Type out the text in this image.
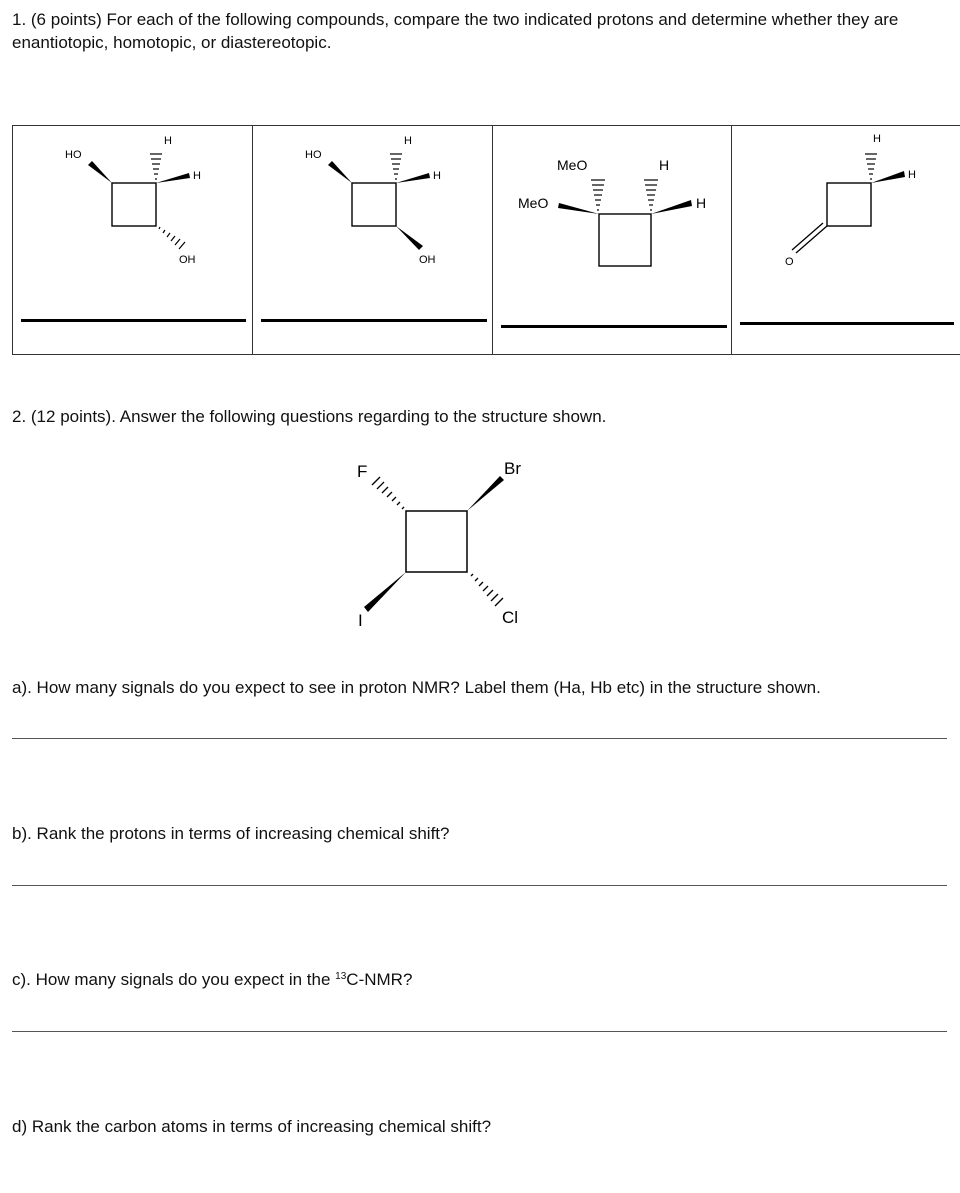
1. (6 points) For each of the following compounds, compare the two indicated protons and determine whether they are enantiotopic, homotopic, or diastereotopic.

HO
H
H
OH

HO
H
H
OH

MeO
MeO
H
H

O
H
H

2. (12 points). Answer the following questions regarding to the structure shown.

F	Br
I	Cl

a). How many signals do you expect to see in proton NMR? Label them (Ha, Hb etc) in the structure shown.

b). Rank the protons in terms of increasing chemical shift?

c). How many signals do you expect in the $^{13}$C-NMR?

d) Rank the carbon atoms in terms of increasing chemical shift?
